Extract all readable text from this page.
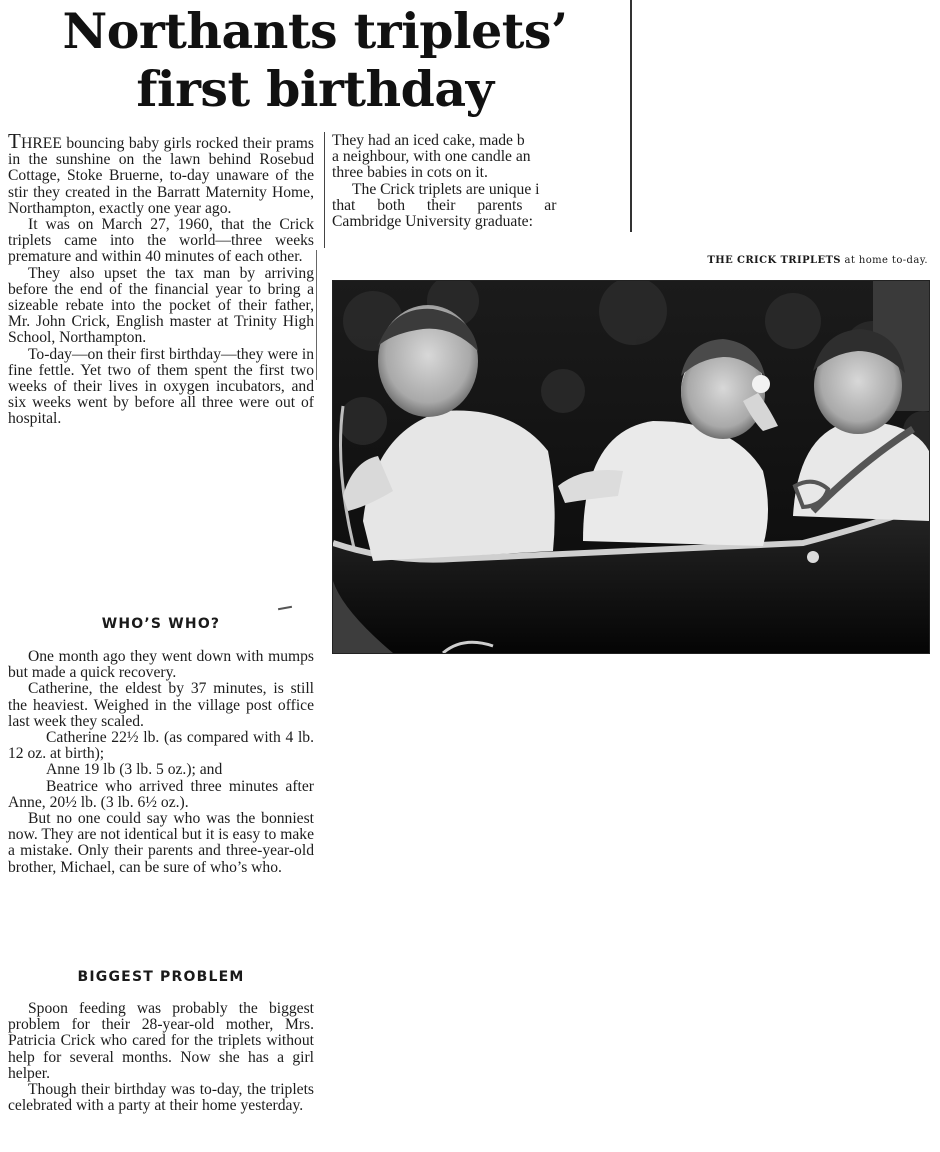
Northants triplets’
first birthday

THREE bouncing baby girls rocked their prams in the sunshine on the lawn behind Rosebud Cottage, Stoke Bruerne, to-day unaware of the stir they created in the Barratt Maternity Home, Northampton, exactly one year ago.

It was on March 27, 1960, that the Crick triplets came into the world—three weeks premature and within 40 minutes of each other.

They also upset the tax man by arriving before the end of the financial year to bring a sizeable rebate into the pocket of their father, Mr. John Crick, English master at Trinity High School, Northampton.

To-day—on their first birthday—they were in fine fettle. Yet two of them spent the first two weeks of their lives in oxygen incubators, and six weeks went by before all three were out of hospital.

WHO’S WHO?

One month ago they went down with mumps but made a quick recovery.

Catherine, the eldest by 37 minutes, is still the heaviest. Weighed in the village post office last week they scaled.

Catherine 22½ lb. (as compared with 4 lb. 12 oz. at birth);

Anne 19 lb (3 lb. 5 oz.); and

Beatrice who arrived three minutes after Anne, 20½ lb. (3 lb. 6½ oz.).

But no one could say who was the bonniest now. They are not identical but it is easy to make a mistake. Only their parents and three-year-old brother, Michael, can be sure of who’s who.

BIGGEST PROBLEM

Spoon feeding was probably the biggest problem for their 28-year-old mother, Mrs. Patricia Crick who cared for the triplets without help for several months. Now she has a girl helper.

Though their birthday was to-day, the triplets celebrated with a party at their home yesterday.

They had an iced cake, made b

a neighbour, with one candle an

three babies in cots on it.

The Crick triplets are unique i

that both their parents ar

Cambridge University graduate:

THE CRICK TRIPLETS at home to-day.
